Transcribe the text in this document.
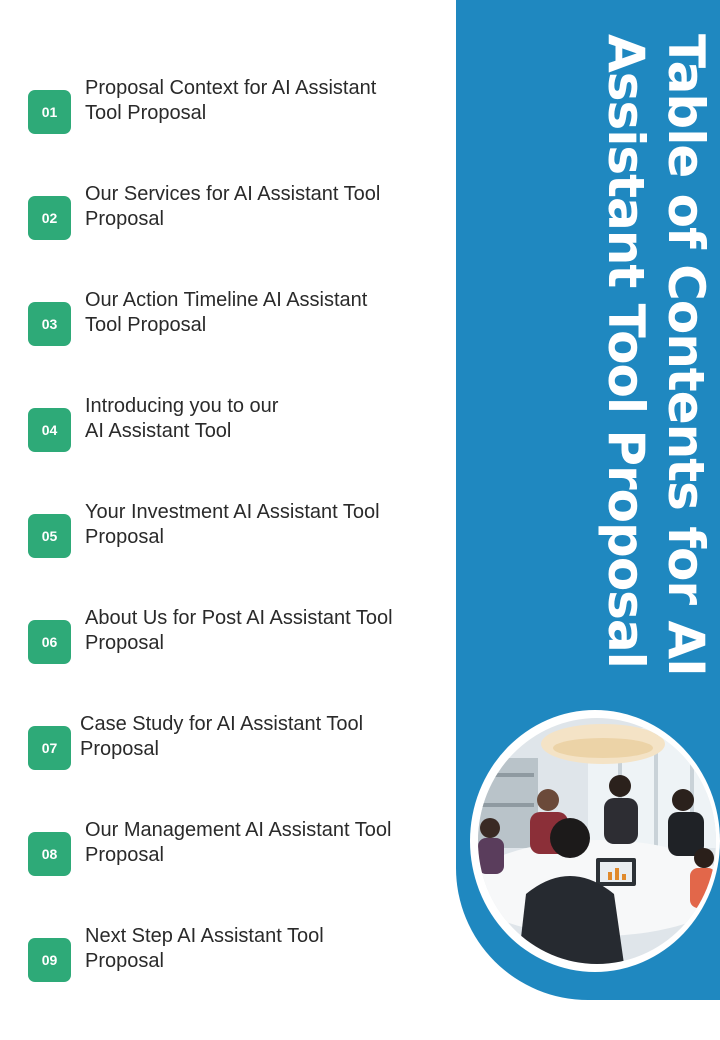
01
Proposal Context for AI Assistant
Tool Proposal
02
Our Services for AI Assistant Tool
Proposal
03
Our Action Timeline AI Assistant
Tool Proposal
04
Introducing you to our
AI Assistant Tool
05
Your Investment AI Assistant Tool
Proposal
06
About Us for Post AI Assistant Tool
Proposal
07
Case Study for AI Assistant Tool
Proposal
08
Our Management AI Assistant Tool
Proposal
09
Next Step AI Assistant Tool
Proposal
Table of Contents for AI Assistant Tool Proposal
